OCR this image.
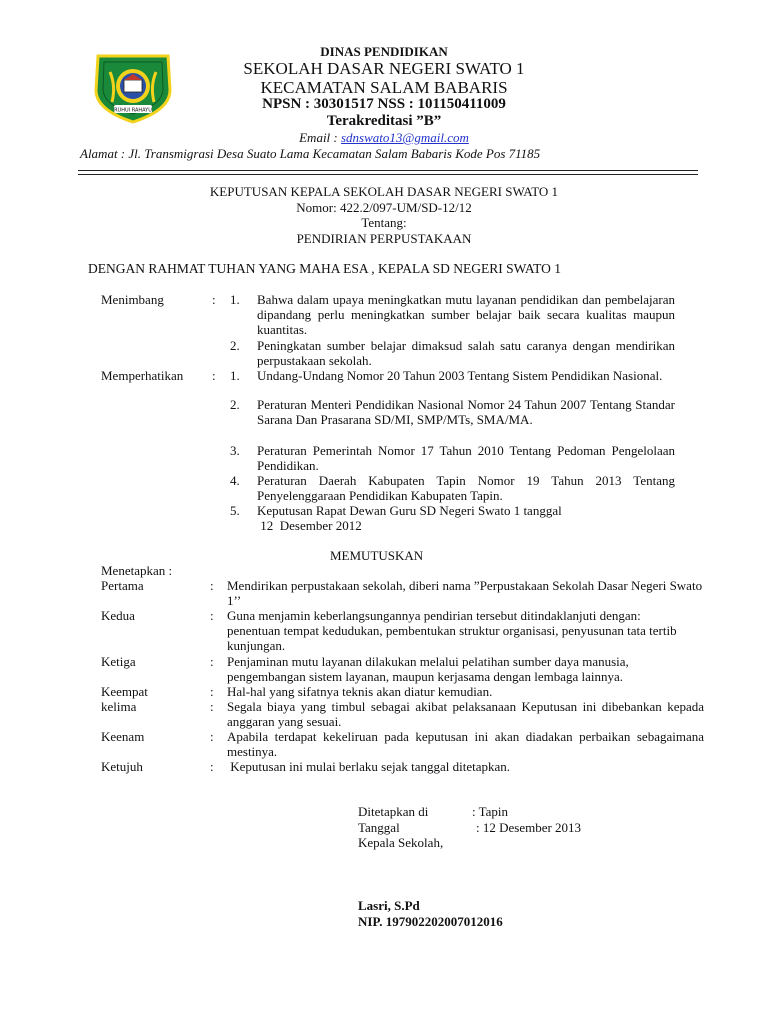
RUHUI RAHAYU
DINAS PENDIDIKAN
SEKOLAH DASAR NEGERI SWATO 1
KECAMATAN SALAM BABARIS
NPSN : 30301517 NSS : 101150411009
Terakreditasi ”B”
Email : sdnswato13@gmail.com
Alamat : Jl. Transmigrasi Desa Suato Lama Kecamatan Salam Babaris Kode Pos 71185
KEPUTUSAN KEPALA SEKOLAH DASAR NEGERI SWATO 1
Nomor: 422.2/097-UM/SD-12/12
Tentang:
PENDIRIAN PERPUSTAKAAN
DENGAN RAHMAT TUHAN YANG MAHA ESA , KEPALA SD NEGERI SWATO 1
Menimbang	: 1. Bahwa dalam upaya meningkatkan mutu layanan pendidikan dan pembelajaran dipandang perlu meningkatkan sumber belajar baik secara kualitas maupun kuantitas.
2. Peningkatan sumber belajar dimaksud salah satu caranya dengan mendirikan perpustakaan sekolah.
Memperhatikan : 1. Undang-Undang Nomor 20 Tahun 2003 Tentang Sistem Pendidikan Nasional.
2. Peraturan Menteri Pendidikan Nasional Nomor 24 Tahun 2007 Tentang Standar Sarana Dan Prasarana SD/MI, SMP/MTs, SMA/MA.
3. Peraturan Pemerintah Nomor 17 Tahun 2010 Tentang Pedoman Pengelolaan Pendidikan.
4. Peraturan Daerah Kabupaten Tapin Nomor 19 Tahun 2013 Tentang Penyelenggaraan Pendidikan Kabupaten Tapin.
5. Keputusan Rapat Dewan Guru SD Negeri Swato 1 tanggal
12  Desember 2012
MEMUTUSKAN
Menetapkan :
Pertama	: Mendirikan perpustakaan sekolah, diberi nama ”Perpustakaan Sekolah Dasar Negeri Swato 1’’
Kedua	: Guna menjamin keberlangsungannya pendirian tersebut ditindaklanjuti dengan: penentuan tempat kedudukan, pembentukan struktur organisasi, penyusunan tata tertib kunjungan.
Ketiga	: Penjaminan mutu layanan dilakukan melalui pelatihan sumber daya manusia, pengembangan sistem layanan, maupun kerjasama dengan lembaga lainnya.
Keempat	: Hal-hal yang sifatnya teknis akan diatur kemudian.
kelima	: Segala biaya yang timbul sebagai akibat pelaksanaan Keputusan ini dibebankan kepada anggaran yang sesuai.
Keenam	: Apabila terdapat kekeliruan pada keputusan ini akan diadakan perbaikan sebagaimana mestinya.
Ketujuh	: Keputusan ini mulai berlaku sejak tanggal ditetapkan.
Ditetapkan di	: Tapin
Tanggal	: 12 Desember 2013
Kepala Sekolah,
Lasri, S.Pd
NIP. 197902202007012016
